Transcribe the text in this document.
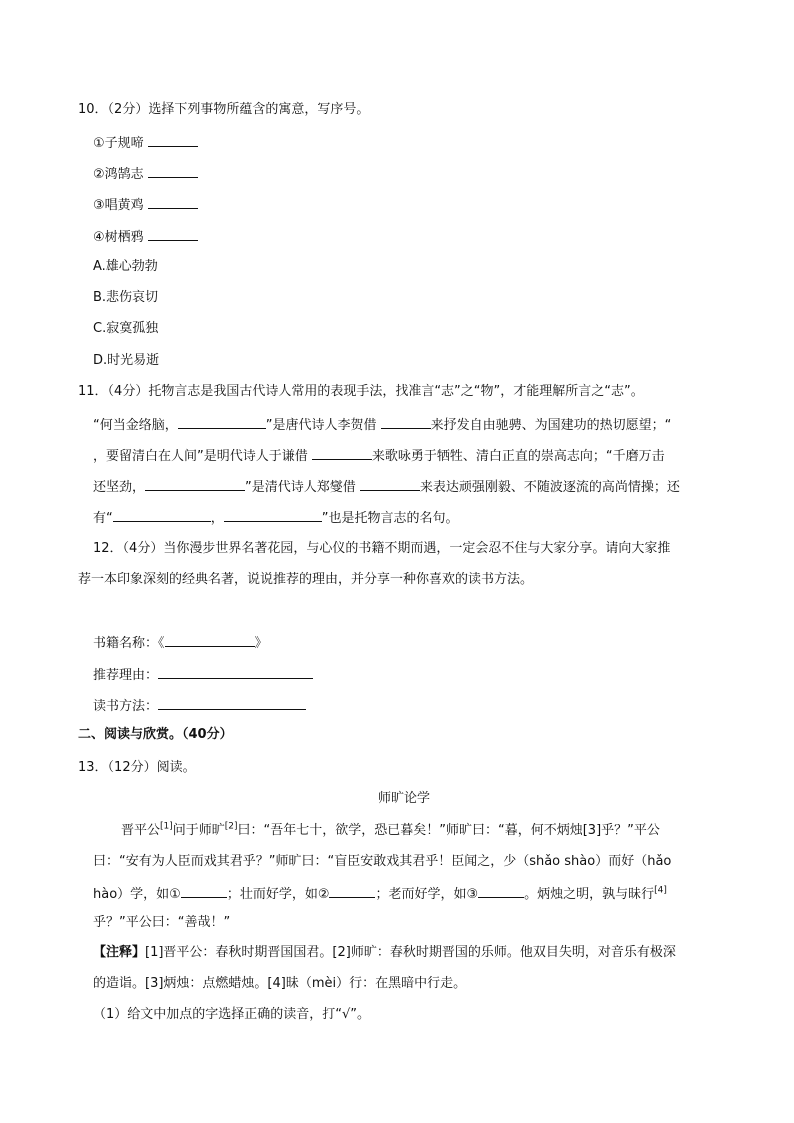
10．（2分）选择下列事物所蕴含的寓意，写序号。
①子规啼
②鸿鹄志
③唱黄鸡
④树栖鸦
A.雄心勃勃
B.悲伤哀切
C.寂寞孤独
D.时光易逝
11．（4分）托物言志是我国古代诗人常用的表现手法，找准言“志”之“物”，才能理解所言之“志”。
“何当金络脑，	”是唐代诗人李贺借	来抒发自由驰骋、为国建功的热切愿望；“
，要留清白在人间”是明代诗人于谦借	来歌咏勇于牺牲、清白正直的崇高志向；“千磨万击
还坚劲，	”是清代诗人郑燮借	来表达顽强刚毅、不随波逐流的高尚情操；还
有“	，	”也是托物言志的名句。
12．（4分）当你漫步世界名著花园，与心仪的书籍不期而遇，一定会忍不住与大家分享。请向大家推
荐一本印象深刻的经典名著，说说推荐的理由，并分享一种你喜欢的读书方法。
书籍名称：《	》
推荐理由：
读书方法：
二、阅读与欣赏。（40分）
13．（12分）阅读。
师旷论学
晋平公[1]问于师旷[2]曰：“吾年七十，欲学，恐已暮矣！”师旷曰：“暮，何不炳烛[3]乎？”平公
曰：“安有为人臣而戏其君乎？”师旷曰：“盲臣安敢戏其君乎！臣闻之，少（shǎo shào）而好（hǎo
hào）学，如①	；壮而好学，如②	；老而好学，如③	。炳烛之明，孰与昧行[4]
乎？”平公曰：“善哉！”
【注释】[1]晋平公：春秋时期晋国国君。[2]师旷：春秋时期晋国的乐师。他双目失明，对音乐有极深
的造诣。[3]炳烛：点燃蜡烛。[4]昧（mèi）行：在黑暗中行走。
（1）给文中加点的字选择正确的读音，打“√”。
